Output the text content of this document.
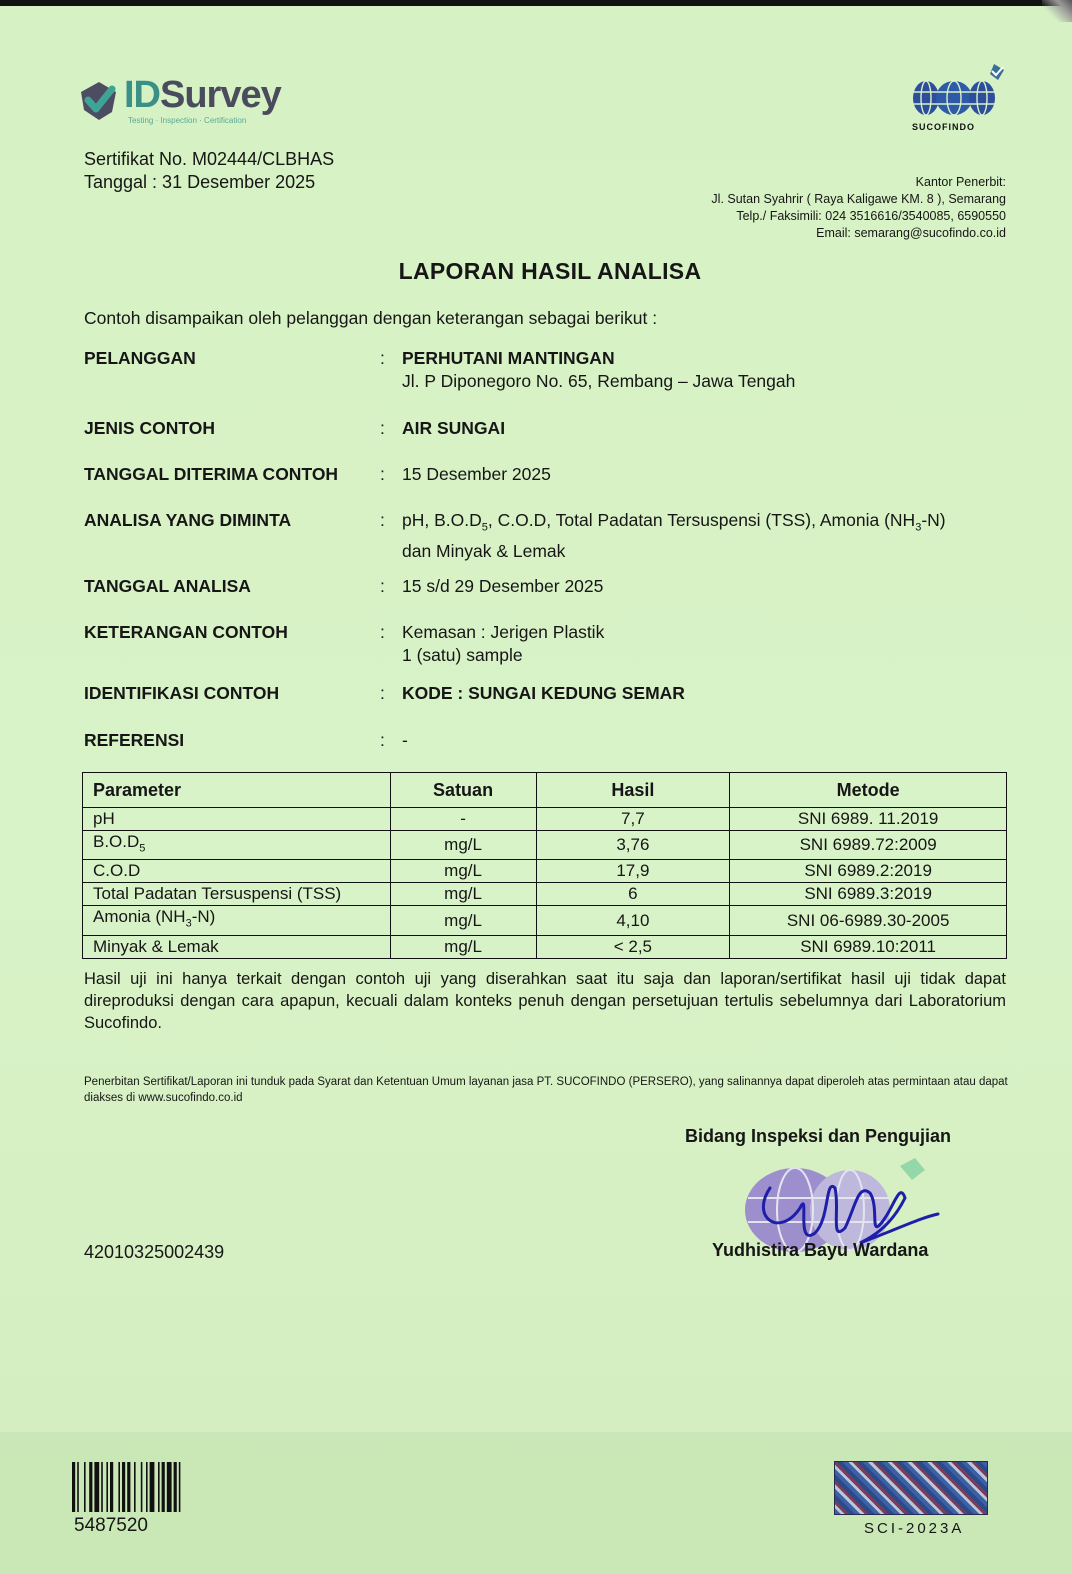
IDSurvey
Testing · Inspection · Certification
SUCOFINDO
Sertifikat No. M02444/CLBHAS
Tanggal : 31 Desember 2025	Kantor Penerbit:
Jl. Sutan Syahrir ( Raya Kaligawe KM. 8 ), Semarang
Telp./ Faksimili: 024 3516616/3540085, 6590550
Email: semarang@sucofindo.co.id
LAPORAN HASIL ANALISA
Contoh disampaikan oleh pelanggan dengan keterangan sebagai berikut :
PELANGGAN	: PERHUTANI MANTINGAN
Jl. P Diponegoro No. 65, Rembang – Jawa Tengah
JENIS CONTOH	: AIR SUNGAI
TANGGAL DITERIMA CONTOH : 15 Desember 2025
ANALISA YANG DIMINTA	: pH, $B.O.D_5$, C.O.D, Total Padatan Tersuspensi (TSS), Amonia $(NH_3-N)$
dan Minyak & Lemak
TANGGAL ANALISA	: 15 s/d 29 Desember 2025
KETERANGAN CONTOH	: Kemasan : Jerigen Plastik
1 (satu) sample
IDENTIFIKASI CONTOH	: KODE : SUNGAI KEDUNG SEMAR
REFERENSI	: -
Parameter	Satuan	Hasil	Metode
pH	-	7,7	SNI 6989. 11.2019
$B.O.D_5$	mg/L	3,76	SNI 6989.72:2009
C.O.D	mg/L	17,9	SNI 6989.2:2019
Total Padatan Tersuspensi (TSS)	mg/L	6	SNI 6989.3:2019
Amonia $(NH_3-N)$	mg/L	4,10	SNI 06-6989.30-2005
Minyak & Lemak	mg/L	< 2,5	SNI 6989.10:2011
Hasil uji ini hanya terkait dengan contoh uji yang diserahkan saat itu saja dan laporan/sertifikat hasil uji tidak dapat direproduksi dengan cara apapun, kecuali dalam konteks penuh dengan persetujuan tertulis sebelumnya dari Laboratorium Sucofindo.
Penerbitan Sertifikat/Laporan ini tunduk pada Syarat dan Ketentuan Umum layanan jasa PT. SUCOFINDO (PERSERO), yang salinannya dapat diperoleh atas permintaan atau dapat diakses di www.sucofindo.co.id
Bidang Inspeksi dan Pengujian
Yudhistira Bayu Wardana
42010325002439
5487520	SCI-2023A
